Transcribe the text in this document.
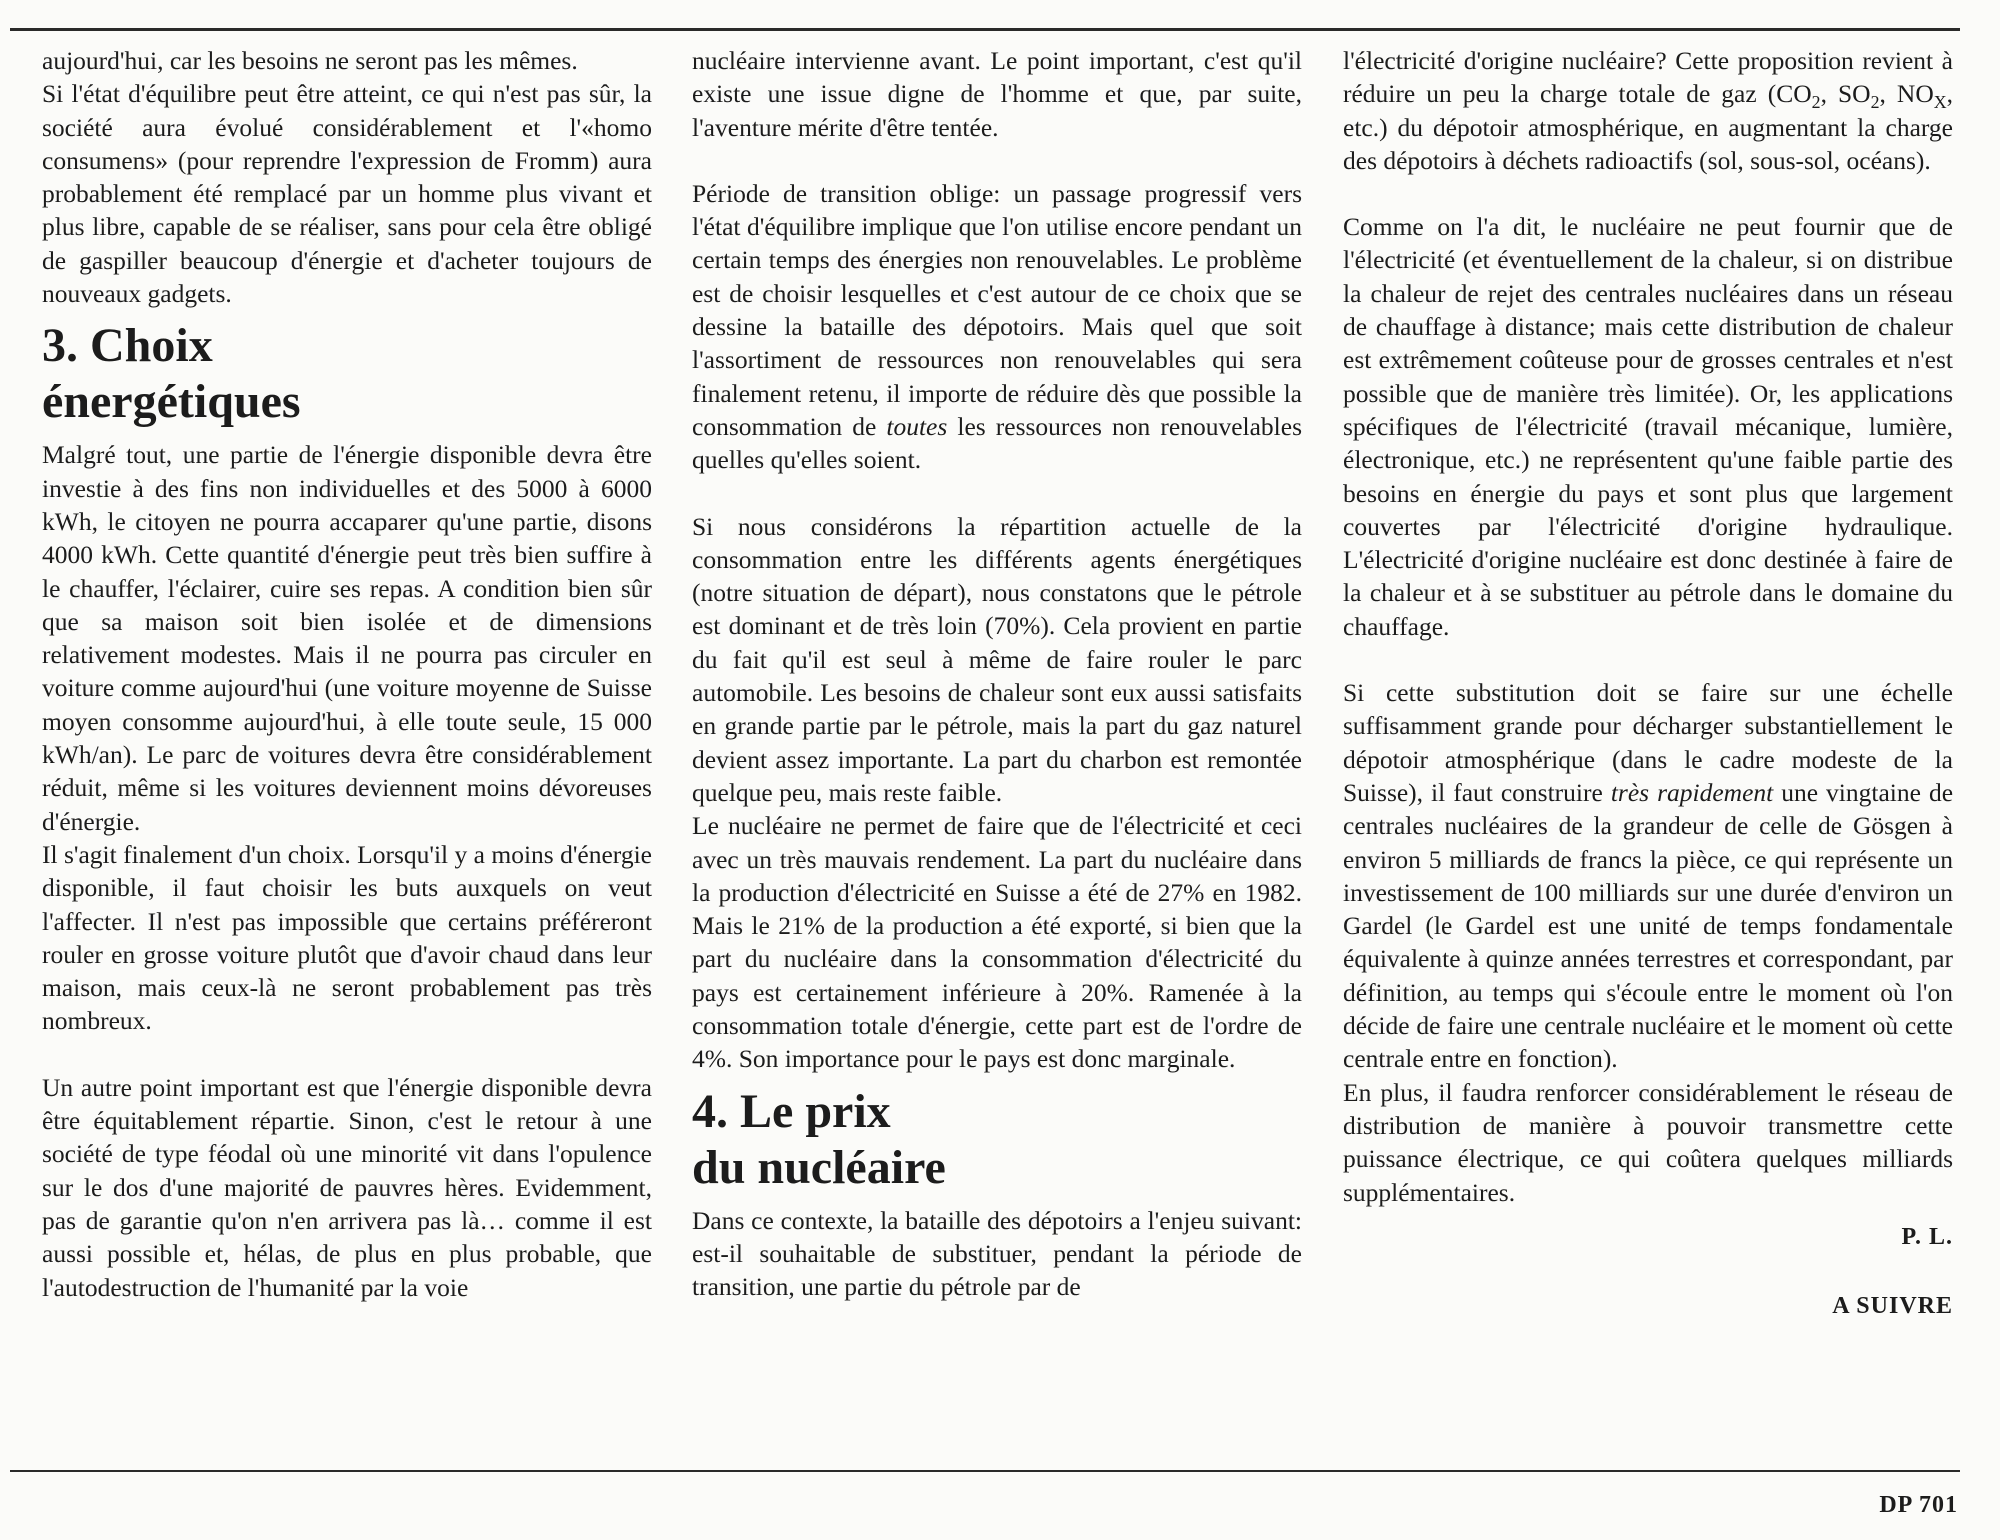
aujourd'hui, car les besoins ne seront pas les mêmes.

Si l'état d'équilibre peut être atteint, ce qui n'est pas sûr, la société aura évolué considérablement et l'«homo consumens» (pour reprendre l'expression de Fromm) aura probablement été remplacé par un homme plus vivant et plus libre, capable de se réaliser, sans pour cela être obligé de gaspiller beaucoup d'énergie et d'acheter toujours de nouveaux gadgets.

3. Choix
énergétiques

Malgré tout, une partie de l'énergie disponible devra être investie à des fins non individuelles et des 5000 à 6000 kWh, le citoyen ne pourra accaparer qu'une partie, disons 4000 kWh. Cette quantité d'énergie peut très bien suffire à le chauffer, l'éclairer, cuire ses repas. A condition bien sûr que sa maison soit bien isolée et de dimensions relativement modestes. Mais il ne pourra pas circuler en voiture comme aujourd'hui (une voiture moyenne de Suisse moyen consomme aujourd'hui, à elle toute seule, 15 000 kWh/an). Le parc de voitures devra être considérablement réduit, même si les voitures deviennent moins dévoreuses d'énergie.

Il s'agit finalement d'un choix. Lorsqu'il y a moins d'énergie disponible, il faut choisir les buts auxquels on veut l'affecter. Il n'est pas impossible que certains préféreront rouler en grosse voiture plutôt que d'avoir chaud dans leur maison, mais ceux-là ne seront probablement pas très nombreux.

Un autre point important est que l'énergie disponible devra être équitablement répartie. Sinon, c'est le retour à une société de type féodal où une minorité vit dans l'opulence sur le dos d'une majorité de pauvres hères. Evidemment, pas de garantie qu'on n'en arrivera pas là… comme il est aussi possible et, hélas, de plus en plus probable, que l'autodestruction de l'humanité par la voie

nucléaire intervienne avant. Le point important, c'est qu'il existe une issue digne de l'homme et que, par suite, l'aventure mérite d'être tentée.

Période de transition oblige: un passage progressif vers l'état d'équilibre implique que l'on utilise encore pendant un certain temps des énergies non renouvelables. Le problème est de choisir lesquelles et c'est autour de ce choix que se dessine la bataille des dépotoirs. Mais quel que soit l'assortiment de ressources non renouvelables qui sera finalement retenu, il importe de réduire dès que possible la consommation de toutes les ressources non renouvelables quelles qu'elles soient.

Si nous considérons la répartition actuelle de la consommation entre les différents agents énergétiques (notre situation de départ), nous constatons que le pétrole est dominant et de très loin (70%). Cela provient en partie du fait qu'il est seul à même de faire rouler le parc automobile. Les besoins de chaleur sont eux aussi satisfaits en grande partie par le pétrole, mais la part du gaz naturel devient assez importante. La part du charbon est remontée quelque peu, mais reste faible.

Le nucléaire ne permet de faire que de l'électricité et ceci avec un très mauvais rendement. La part du nucléaire dans la production d'électricité en Suisse a été de 27% en 1982. Mais le 21% de la production a été exporté, si bien que la part du nucléaire dans la consommation d'électricité du pays est certainement inférieure à 20%. Ramenée à la consommation totale d'énergie, cette part est de l'ordre de 4%. Son importance pour le pays est donc marginale.

4. Le prix
du nucléaire

Dans ce contexte, la bataille des dépotoirs a l'enjeu suivant: est-il souhaitable de substituer, pendant la période de transition, une partie du pétrole par de

l'électricité d'origine nucléaire? Cette proposition revient à réduire un peu la charge totale de gaz ($CO_2$, $SO_2$, $NO_X$, etc.) du dépotoir atmosphérique, en augmentant la charge des dépotoirs à déchets radioactifs (sol, sous-sol, océans).

Comme on l'a dit, le nucléaire ne peut fournir que de l'électricité (et éventuellement de la chaleur, si on distribue la chaleur de rejet des centrales nucléaires dans un réseau de chauffage à distance; mais cette distribution de chaleur est extrêmement coûteuse pour de grosses centrales et n'est possible que de manière très limitée). Or, les applications spécifiques de l'électricité (travail mécanique, lumière, électronique, etc.) ne représentent qu'une faible partie des besoins en énergie du pays et sont plus que largement couvertes par l'électricité d'origine hydraulique. L'électricité d'origine nucléaire est donc destinée à faire de la chaleur et à se substituer au pétrole dans le domaine du chauffage.

Si cette substitution doit se faire sur une échelle suffisamment grande pour décharger substantiellement le dépotoir atmosphérique (dans le cadre modeste de la Suisse), il faut construire très rapidement une vingtaine de centrales nucléaires de la grandeur de celle de Gösgen à environ 5 milliards de francs la pièce, ce qui représente un investissement de 100 milliards sur une durée d'environ un Gardel (le Gardel est une unité de temps fondamentale équivalente à quinze années terrestres et correspondant, par définition, au temps qui s'écoule entre le moment où l'on décide de faire une centrale nucléaire et le moment où cette centrale entre en fonction).

En plus, il faudra renforcer considérablement le réseau de distribution de manière à pouvoir transmettre cette puissance électrique, ce qui coûtera quelques milliards supplémentaires.

P. L.
A SUIVRE
DP 701
